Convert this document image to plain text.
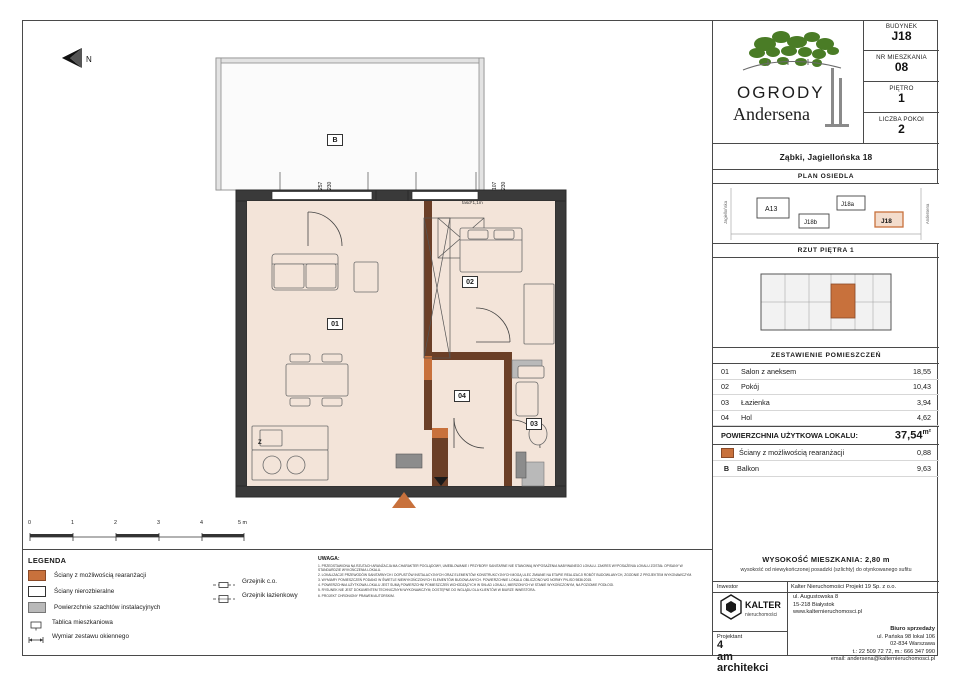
N
01
02
03
04
B
Z
fasd*1,1m
257 230	107 230
0	1	2	3	4	5 m
LEGENDA
Ściany z możliwością rearanżacji
Ściany nierozbieralne
Powierzchnie szachtów instalacyjnych
Tablica mieszkaniowa
Wymiar zestawu okiennego
Grzejnik c.o.
Grzejnik łazienkowy
UWAGA:

1. PRZEDSTAWIONA NA RZUTACH ARANŻACJA MA CHARAKTER POGLĄDOWY, UMEBLOWANIE I PRZYBORY SANITARNE NIE STANOWIĄ WYPOSAŻENIA NABYWANEGO LOKALU. ZAKRES WYPOSAŻENIA LOKALU ZOSTAŁ OPISANY W STANDARDZIE WYKOŃCZENIA LOKALU.

2. LOKALIZACJE PRZEWODÓW SANITARNYCH I DOPUSTÓW INSTALACYJNYCH ORAZ ELEMENTÓW KONSTRUKCYJNYCH MOGĄ ULEC ZMIANIE NA ETAPIE REALIZACJI ROBÓT BUDOWLANYCH, ZGODNIE Z PROJEKTEM WYKONAWCZYM.

3. WYMIARY POMIESZCZEŃ PODANO W ŚWIETLE NIEWYKOŃCZONYCH ELEMENTÓW BUDOWLANYCH. POWIERZCHNIE LOKALU OBLICZONO WG NORMY PN-ISO 9836:2015.

4. POWIERZCHNIA UŻYTKOWA LOKALU JEST SUMĄ POWIERZCHNI POMIESZCZEŃ WCHODZĄCYCH W SKŁAD LOKALU, MIERZONYCH W STANIE WYKOŃCZONYM, NA POZIOMIE PODŁOGI.

5. RYSUNEK NIE JEST DOKUMENTEM TECHNICZNYM WYKONAWCZYM; DOSTĘPNE DO WGLĄDU DLA KLIENTÓW W BIURZE INWESTORA.

6. PROJEKT CHRONIONY PRAWEM AUTORSKIM.

OGRODY
Andersena
BUDYNEK
J18
NR MIESZKANIA
08
PIĘTRO
1
LICZBA POKOI
2
Ząbki, Jagiellońska 18
PLAN OSIEDLA
Jagiellońska	Andersena
A13
J18b
J18a
J18
RZUT PIĘTRA 1
ZESTAWIENIE POMIESZCZEŃ
01	Salon z aneksem	18,55
02	Pokój	10,43
03	Łazienka	3,94
04	Hol	4,62
POWIERZCHNIA UŻYTKOWA LOKALU:	$37,54^{m^2}$
Ściany z możliwością rearanżacji	0,88
B	Balkon	9,63
WYSOKOŚĆ MIESZKANIA: 2,80 m
wysokość od niewykończonej posadzki (szlichty) do otynkowanego sufitu
Inwestor	Kalter Nieruchomości Projekt 19 Sp. z o.o.
KALTER
nieruchomości
Projektant
4
am
architekci
ul. Augustowska 8
15-218 Białystok
www.kalternieruchomosci.pl
Biuro sprzedaży
ul. Pańska 98 lokal 106
02-834 Warszawa
t.: 22 509 72 72, m.: 666 347 990
email: andersena@kalternieruchomosci.pl
